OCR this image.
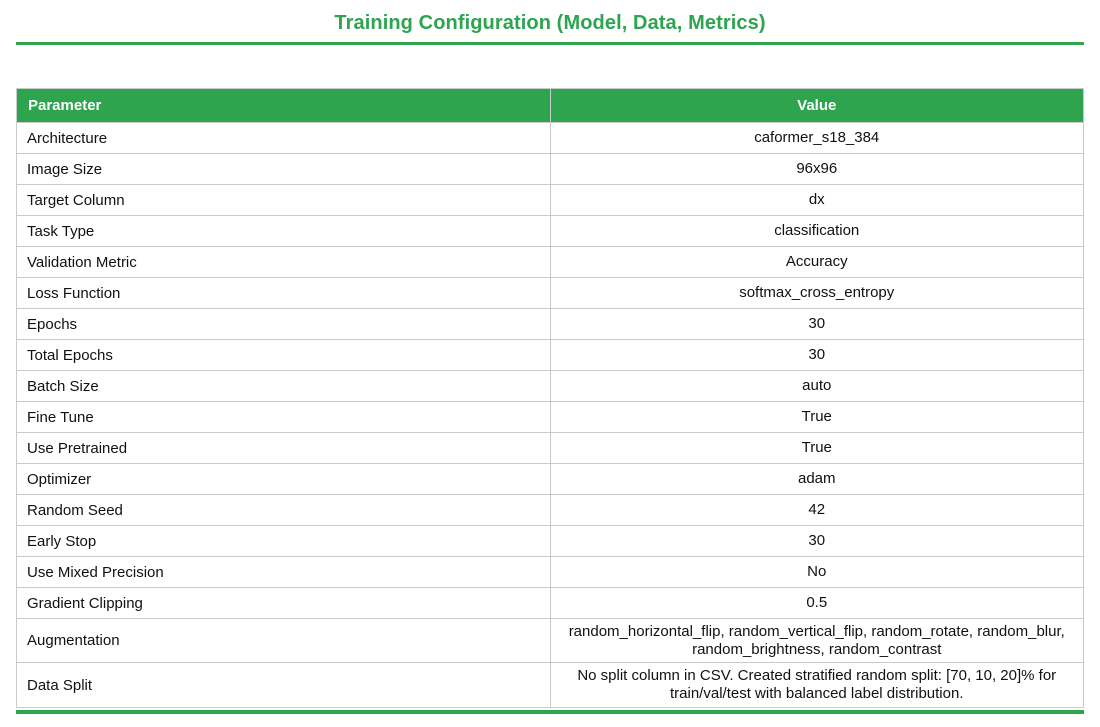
Training Configuration (Model, Data, Metrics)
Parameter	Value
Architecture	caformer_s18_384
Image Size	96x96
Target Column	dx
Task Type	classification
Validation Metric	Accuracy
Loss Function	softmax_cross_entropy
Epochs	30
Total Epochs	30
Batch Size	auto
Fine Tune	True
Use Pretrained	True
Optimizer	adam
Random Seed	42
Early Stop	30
Use Mixed Precision	No
Gradient Clipping	0.5
Augmentation	random_horizontal_flip, random_vertical_flip, random_rotate, random_blur, random_brightness, random_contrast
Data Split	No split column in CSV. Created stratified random split: [70, 10, 20]% for train/val/test with balanced label distribution.
